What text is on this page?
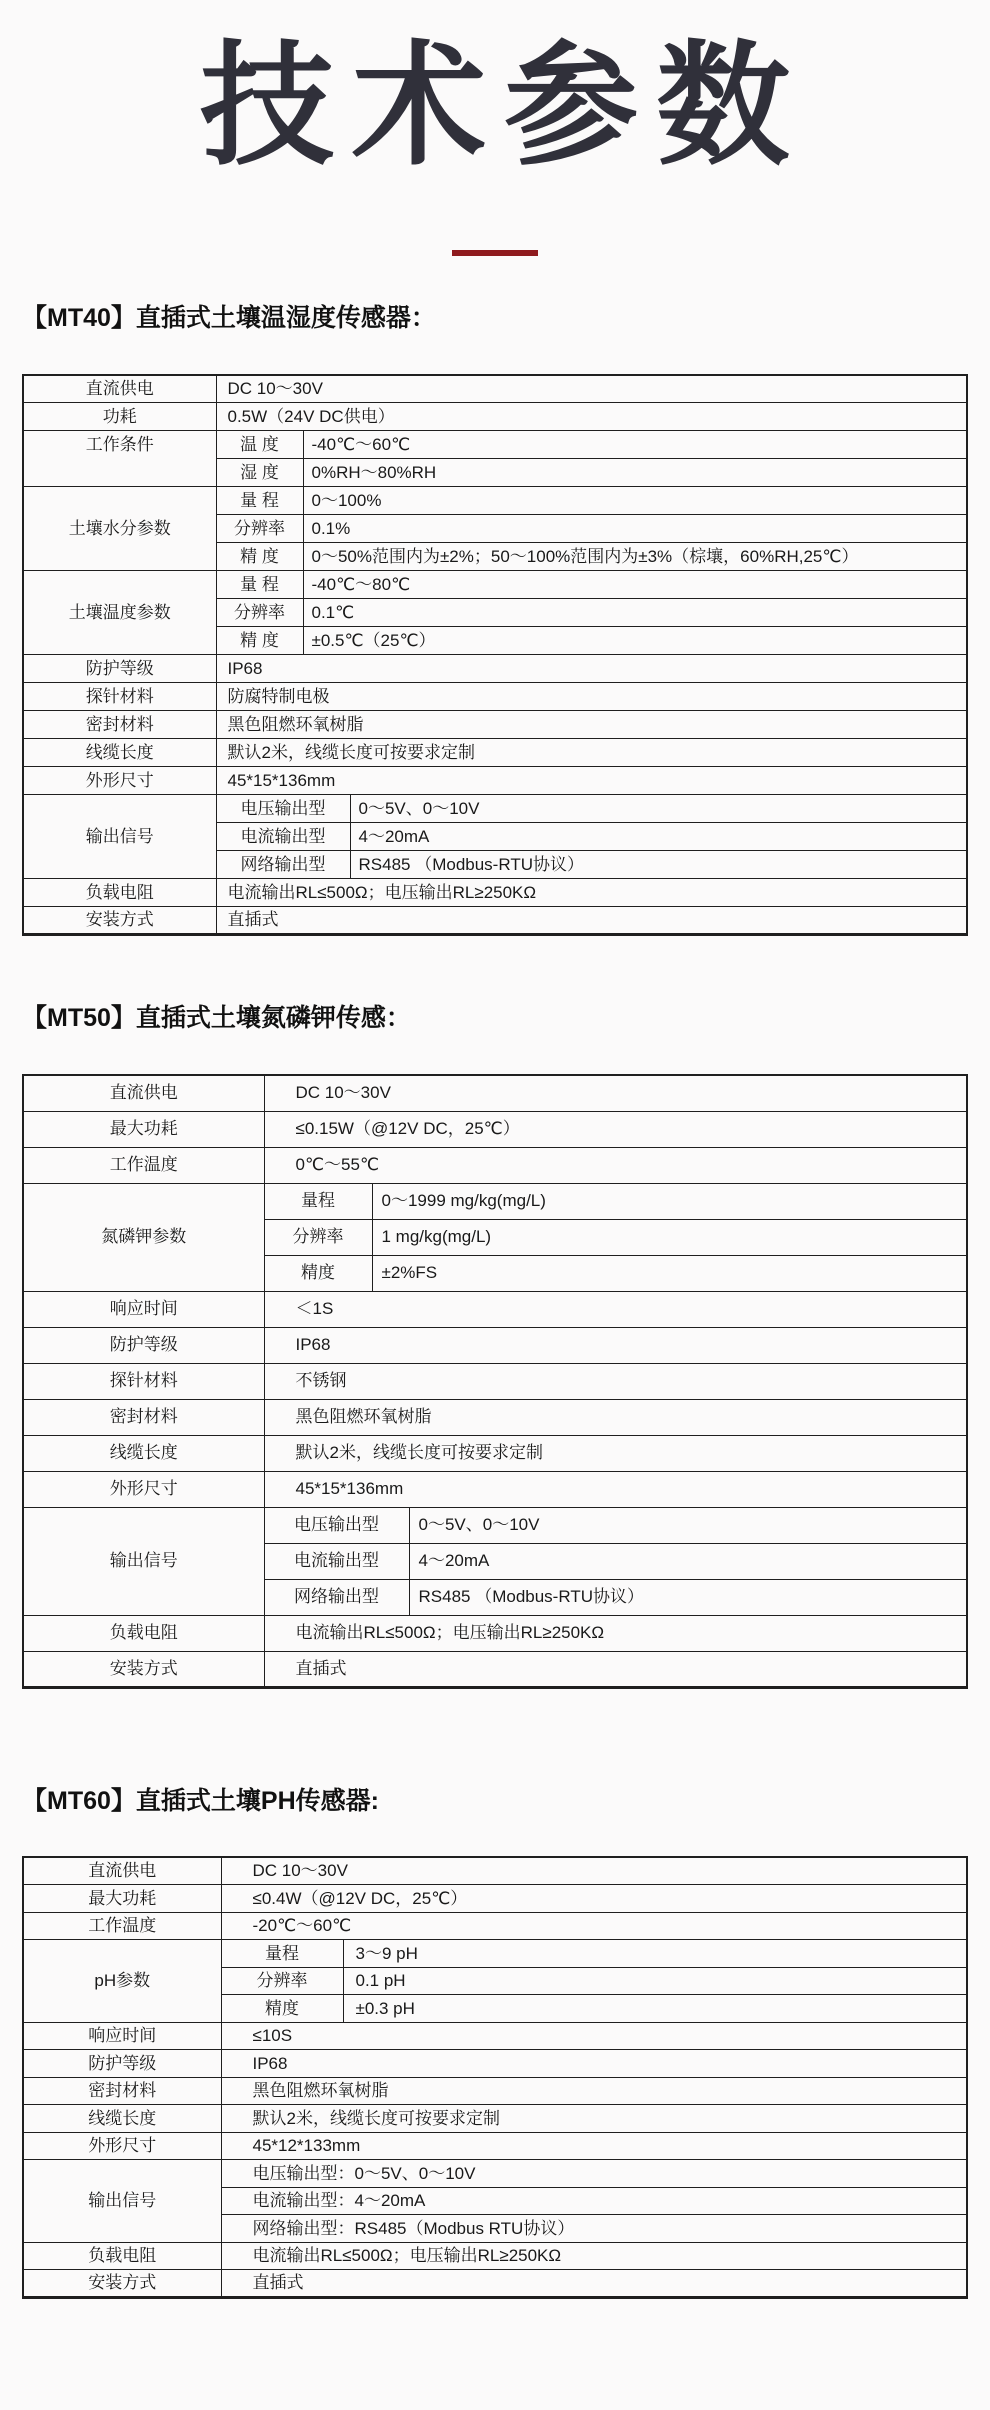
技术参数
【MT40】直插式土壤温湿度传感器：
直流供电	DC 10～30V		
功耗	0.5W（24V DC供电）		
工作条件	温 度	-40℃～60℃	
	湿 度	0%RH～80%RH	
土壤水分参数	量 程	0～100%	
	分辨率	0.1%	
	精 度	0～50%范围内为±2%；50～100%范围内为±3%（棕壤，60%RH,25℃）	
土壤温度参数	量 程	-40℃～80℃	
	分辨率	0.1℃	
	精 度	±0.5℃（25℃）	
防护等级	IP68		
探针材料	防腐特制电极		
密封材料	黑色阻燃环氧树脂		
线缆长度	默认2米，线缆长度可按要求定制		
外形尺寸	45*15*136mm		
输出信号	电压输出型		0～5V、0～10V
	电流输出型		4～20mA
	网络输出型		RS485 （Modbus-RTU协议）
负载电阻	电流输出RL≤500Ω；电压输出RL≥250KΩ		
安装方式	直插式		
【MT50】直插式土壤氮磷钾传感：
直流供电	DC 10～30V		
最大功耗	≤0.15W（@12V DC，25℃）		
工作温度	0℃～55℃		
氮磷钾参数	量程	0～1999 mg/kg(mg/L)	
	分辨率	1 mg/kg(mg/L)	
	精度	±2%FS	
响应时间	＜1S		
防护等级	IP68		
探针材料	不锈钢		
密封材料	黑色阻燃环氧树脂		
线缆长度	默认2米，线缆长度可按要求定制		
外形尺寸	45*15*136mm		
输出信号	电压输出型		0～5V、0～10V
	电流输出型		4～20mA
	网络输出型		RS485 （Modbus-RTU协议）
负载电阻	电流输出RL≤500Ω；电压输出RL≥250KΩ		
安装方式	直插式		
【MT60】直插式土壤PH传感器:
直流供电	DC 10～30V	
最大功耗	≤0.4W（@12V DC，25℃）	
工作温度	-20℃～60℃	
pH参数	量程	3～9 pH
	分辨率	0.1 pH
	精度	±0.3 pH
响应时间	≤10S	
防护等级	IP68	
密封材料	黑色阻燃环氧树脂	
线缆长度	默认2米，线缆长度可按要求定制	
外形尺寸	45*12*133mm	
输出信号	电压输出型：0～5V、0～10V	
	电流输出型：4～20mA	
	网络输出型：RS485（Modbus RTU协议）	
负载电阻	电流输出RL≤500Ω；电压输出RL≥250KΩ	
安装方式	直插式	
